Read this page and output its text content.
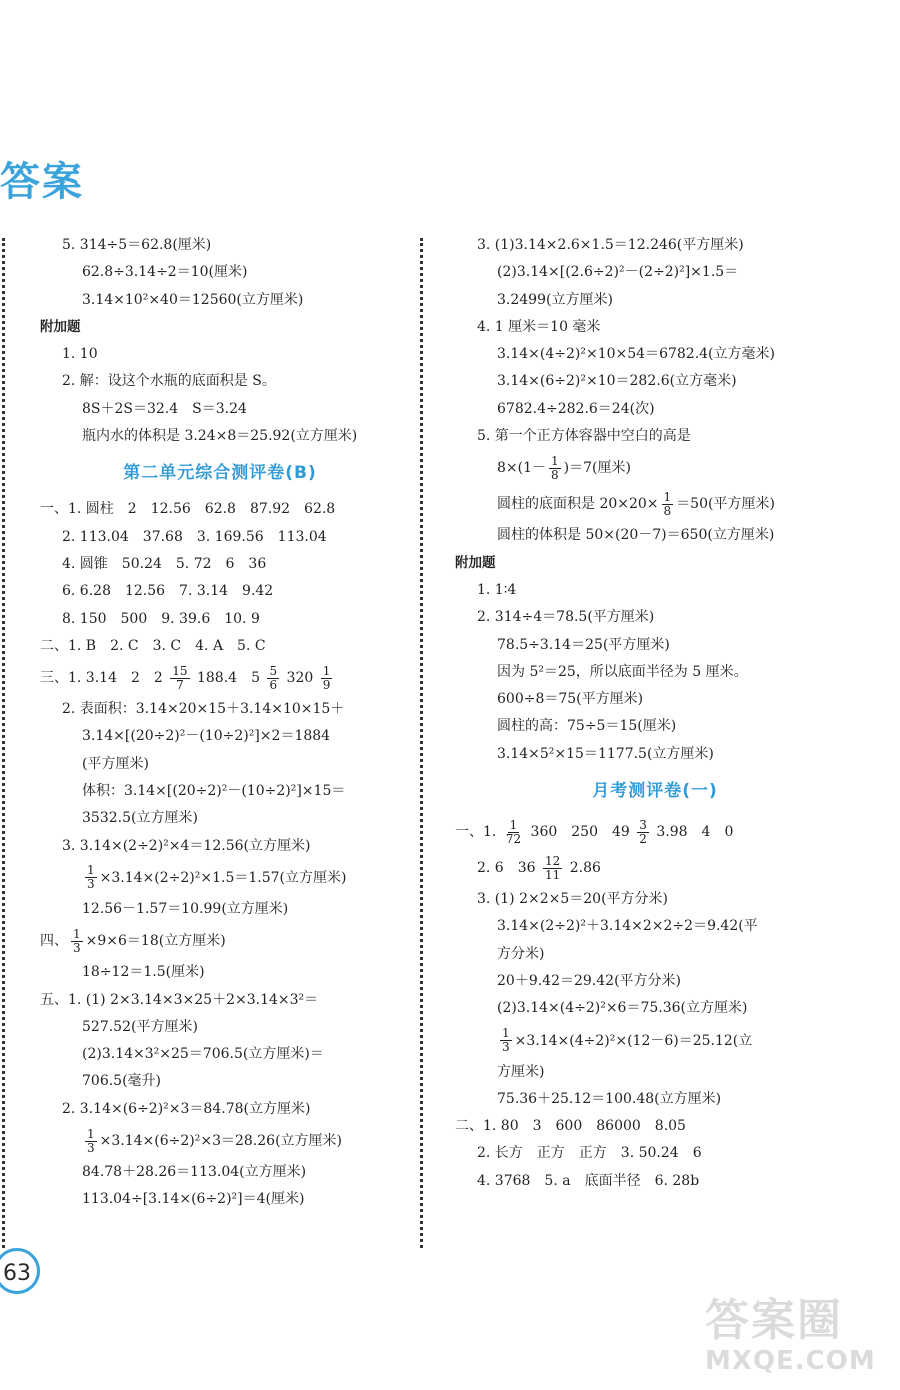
答案
5. 314÷5＝62.8(厘米)
62.8÷3.14÷2＝10(厘米)
3.14×10²×40＝12560(立方厘米)
附加题
1. 10
2. 解：设这个水瓶的底面积是 S。
8S＋2S＝32.4　S＝3.24
瓶内水的体积是 3.24×8＝25.92(立方厘米)
第二单元综合测评卷(B)
一、1. 圆柱　2　12.56　62.8　87.92　62.8
2. 113.04　37.68　3. 169.56　113.04
4. 圆锥　50.24　5. 72　6　36
6. 6.28　12.56　7. 3.14　9.42
8. 150　500　9. 39.6　10. 9
二、1. B　2. C　3. C　4. A　5. C
三、1. 3.14　2　$2 \frac{15}{7} 188.4$　$5 \frac{5}{6} 320 \frac{1}{9}$
2. 表面积：3.14×20×15＋3.14×10×15＋
3.14×[(20÷2)²－(10÷2)²]×2＝1884
(平方厘米)
体积：3.14×[(20÷2)²－(10÷2)²]×15＝
3532.5(立方厘米)
3. 3.14×(2÷2)²×4＝12.56(立方厘米)
$\frac{1}{3} \times 3.14\times(2\div 2)^2\times 1.5=1.57$(立方厘米)
12.56－1.57＝10.99(立方厘米)
四、 $\frac{1}{3} \times 9\times 6=18$(立方厘米)
18÷12＝1.5(厘米)
五、1. (1) 2×3.14×3×25＋2×3.14×3²＝
527.52(平方厘米)
(2)3.14×3²×25＝706.5(立方厘米)＝
706.5(毫升)
2. 3.14×(6÷2)²×3＝84.78(立方厘米)
$\frac{1}{3} \times 3.14\times(6\div 2)^2\times 3=28.26$(立方厘米)
84.78＋28.26＝113.04(立方厘米)
113.04÷[3.14×(6÷2)²]＝4(厘米)
3. (1)3.14×2.6×1.5＝12.246(平方厘米)
(2)3.14×[(2.6÷2)²－(2÷2)²]×1.5＝
3.2499(立方厘米)
4. 1 厘米＝10 毫米
3.14×(4÷2)²×10×54＝6782.4(立方毫米)
3.14×(6÷2)²×10＝282.6(立方毫米)
6782.4÷282.6＝24(次)
5. 第一个正方体容器中空白的高是
$8\times(1- \frac{1}{8} )=7$(厘米)
圆柱的底面积是 $20\times 20\times \frac{1}{8} =50$(平方厘米)
圆柱的体积是 50×(20－7)＝650(立方厘米)
附加题
1. 1∶4
2. 314÷4＝78.5(平方厘米)
78.5÷3.14＝25(平方厘米)
因为 5²＝25，所以底面半径为 5 厘米。
600÷8＝75(平方厘米)
圆柱的高：75÷5＝15(厘米)
3.14×5²×15＝1177.5(立方厘米)
月考测评卷(一)
一、1. $\frac{1}{72} 360$　250　$49 \frac{3}{2} 3.98$　4　0
2. 6　$36 \frac{12}{11} 2.86$
3. (1) 2×2×5＝20(平方分米)
3.14×(2÷2)²＋3.14×2×2÷2＝9.42(平
方分米)
20＋9.42＝29.42(平方分米)
(2)3.14×(4÷2)²×6＝75.36(立方厘米)
$\frac{1}{3} \times 3.14\times(4\div 2)^2\times(12-6)=25.12$(立
方厘米)
75.36＋25.12＝100.48(立方厘米)
二、1. 80　3　600　86000　8.05
2. 长方　正方　正方　3. 50.24　6
4. 3768　5. a　底面半径　6. 28b
63
答案圈
MXQE.COM
